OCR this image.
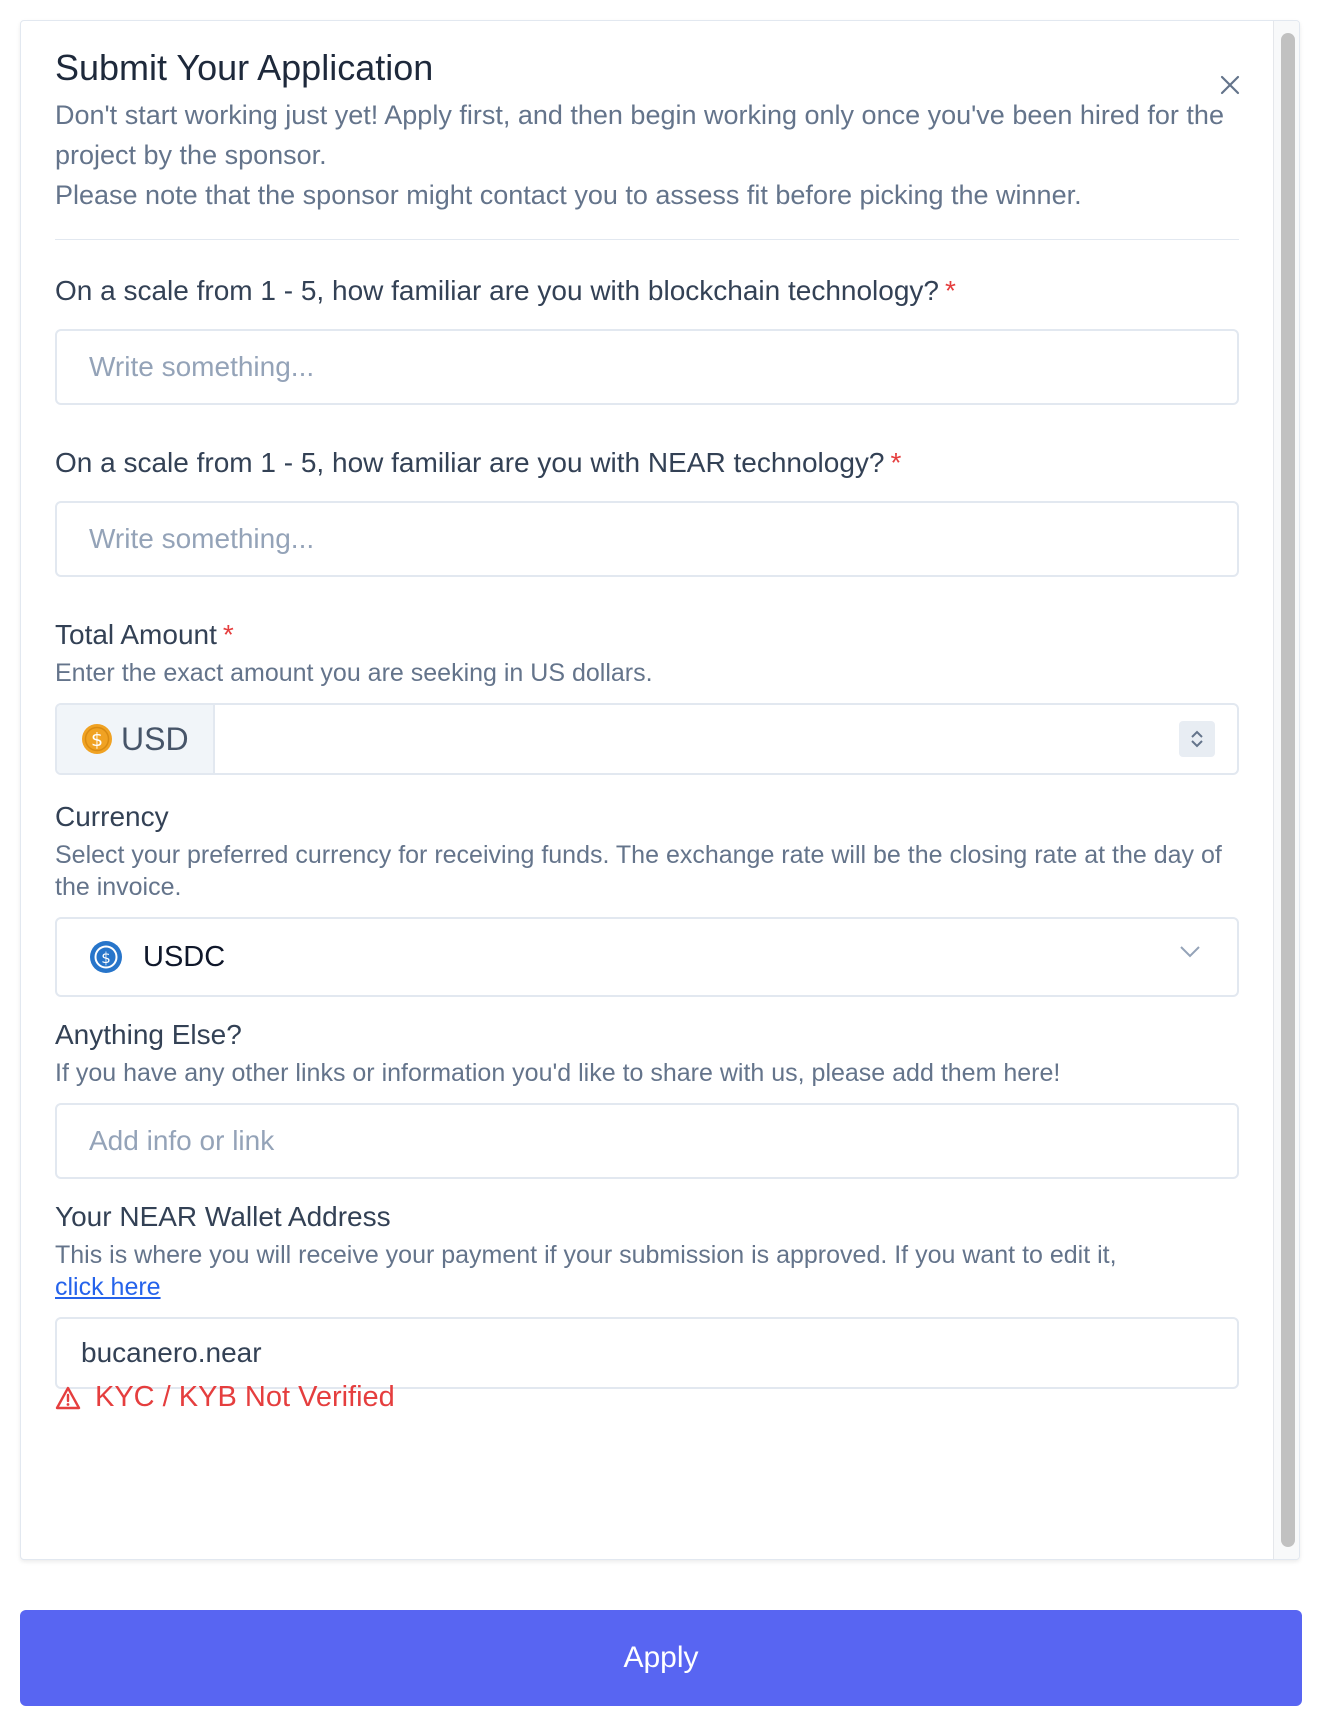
Submit Your Application

Don't start working just yet! Apply first, and then begin working only once you've been hired for the project by the sponsor.
Please note that the sponsor might contact you to assess fit before picking the winner.

On a scale from 1 - 5, how familiar are you with blockchain technology? *
Write something...
On a scale from 1 - 5, how familiar are you with NEAR technology? *
Write something...
Total Amount *
Enter the exact amount you are seeking in US dollars.
$ USD
Currency
Select your preferred currency for receiving funds. The exchange rate will be the closing rate at the day of the invoice.
$ USDC
Anything Else?
If you have any other links or information you'd like to share with us, please add them here!
Add info or link
Your NEAR Wallet Address
This is where you will receive your payment if your submission is approved. If you want to edit it,
click here
bucanero.near
KYC / KYB Not Verified
Apply
